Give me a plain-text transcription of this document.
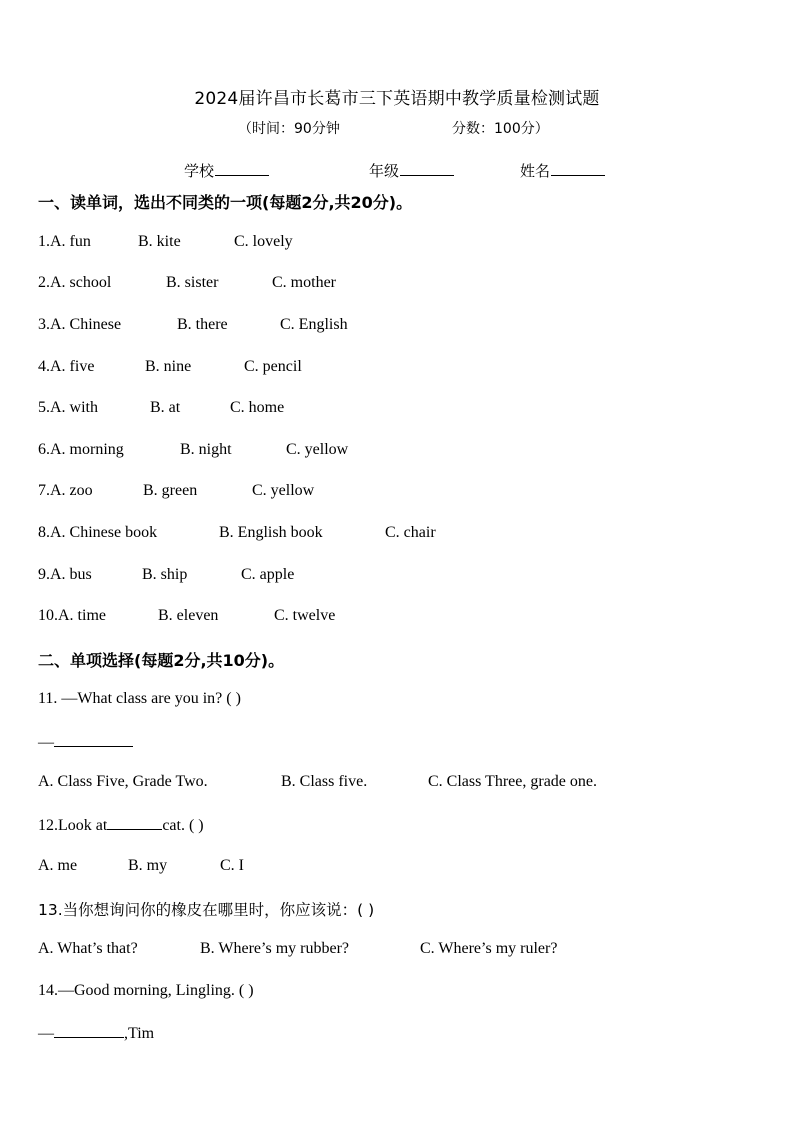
2024届许昌市长葛市三下英语期中教学质量检测试题
（时间：90分钟	分数：100分）
学校	年级	姓名
一、读单词，选出不同类的一项(每题2分,共20分)。
1.A. fun	B. kite	C. lovely
2.A. school	B. sister	C. mother
3.A. Chinese	B. there	C. English
4.A. five	B. nine	C. pencil
5.A. with	B. at	C. home
6.A. morning	B. night	C. yellow
7.A. zoo	B. green	C. yellow
8.A. Chinese book	B. English book	C. chair
9.A. bus	B. ship	C. apple
10.A. time	B. eleven	C. twelve
二、单项选择(每题2分,共10分)。
11. —What class are you in? ( )
—
A. Class Five, Grade Two.	B. Class five.	C. Class Three, grade one.
12.Look at	cat. ( )
A. me	B. my	C. I
13.当你想询问你的橡皮在哪里时，你应该说：( )
A. What’s that?	B. Where’s my rubber?	C. Where’s my ruler?
14.—Good morning, Lingling. ( )
—	,Tim
